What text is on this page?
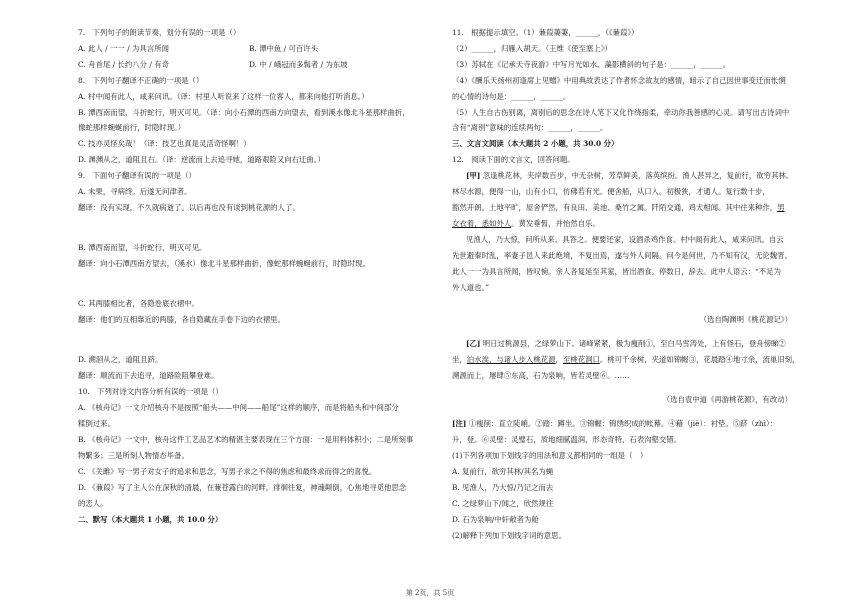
7.　下列句子的朗读节奏，划分有误的一项是（）
A. 此人 / 一一 / 为具言所闻	B. 潭中鱼 / 可百许头
C. 舟首尾 / 长约八分 / 有奇	D. 中 / 峨冠而多髯者 / 为东坡
8.　下列句子翻译不正确的一项是（）
A. 村中闻有此人，咸来问讯。（译：村里人听说来了这样一位客人，都来向他打听消息。）
B. 潭西南而望，斗折蛇行，明灭可见。（译：向小石潭的西南方向望去，看到溪水像北斗星那样曲折，
像蛇那样蜿蜒前行，时隐时现。）
C. 技亦灵怪矣哉！（译：技艺也真是灵活奇怪啊！）
D. 渊渊从之，道阻且右。（译：逆流而上去追寻她，道路艰险又向右迂曲。）
9.　下面句子翻译有误的一项是（）
A. 未果，寻病终。后遂无问津者。
翻译：没有实现，不久就病逝了。以后再也没有谈到桃花源的人了。
B. 潭西南而望，斗折蛇行，明灭可见。
翻译：向小石潭西南方望去，（溪水）像北斗星那样曲折，像蛇那样蜿蜒前行，时隐时现。
C. 其两膝相比者，各隐卷底衣褶中。
翻译：他们的互相靠近的两膝，各自隐藏在手卷下边的衣褶里。
D. 溯洄从之，道阻且跻。
翻译：顺流而下去追寻，道路险阻攀登难。
10.　下列对诗文内容分析有误的一项是（）
A. 《核舟记》一文介绍核舟不是按照“船头——中间——船尾”这样的顺序，而是将船头和中间部分
糅倒过来。
B. 《核舟记》一文中，核舟这件工艺品艺术的精湛主要表现在三个方面：一是用料体积小；二是所刻事
物繁多；三是所刻人物情态毕备。
C. 《关雎》写一男子对女子的追求和思念，写男子求之不得的焦虑和最终求而得之的喜悦。
D. 《蒹葭》写了主人公在深秋的清晨，在蒹苍露白的河畔，徘徊往复，神魂颠倒，心焦地寻觅他思念
的恋人。
二、默写（本大题共 1 小题，共 10.0 分）
11.　根据提示填空。（1）蒹葭萋萋，______，（《蒹葭》）
（2）______，归雁入胡天。（王维《使至塞上》）
（3）苏轼在《记承天寺夜游》中写月光如水、藻影横斜的句子是：______，______。
（4）《酬乐天扬州初逢席上见赠》中用典故表达了作者怀念故友的感情，暗示了自己因世事变迁而怅惘
的心情的诗句是：______，______。
（5）人生自古伤别离，离别后的思念在诗人笔下又化作绕指柔，牵动你我善感的心灵。请写出古诗词中
含有“离别”意味的连续两句：______，______。
三、文言文阅读（本大题共 2 小题，共 30.0 分）
12.　阅读下面的文言文，回答问题。
[甲] 忽逢桃花林，夹岸数百步，中无杂树，芳草鲜美，落英缤纷。渔人甚异之，复前行，欲穷其林。
林尽水源，便得一山，山有小口，仿佛若有光。便舍船，从口入。初极狭，才通人。复行数十步，
豁然开朗。土地平旷，屋舍俨然，有良田、美池、桑竹之属。阡陌交通，鸡犬相闻。其中往来种作，男
女衣着，悉如外人。黄发垂髫，并怡然自乐。
见渔人，乃大惊，问所从来。具答之。便要还家，设酒杀鸡作食。村中闻有此人，咸来问讯。自云
先世避秦时乱，率妻子邑人来此绝境，不复出焉，遂与外人间隔。问今是何世，乃不知有汉，无论魏晋。
此人一一为具言所闻，皆叹惋。余人各复延至其家，皆出酒食。停数日，辞去。此中人语云：“不足为
外人道也。”
（选自陶渊明《桃花源记》）
[乙] 明日过桃源县，之绿萝山下。诸峰紧紧，极为瘦削①，至白马雪涛处，上有怪石，登舟傍睇②
坐，泊水涘，与诸人步入桃花源，至桃花洞口。桃可千余树，夹道如锦幄③，花晨踏④地寸余，流巢旧刻，
溯源而上，屡肆⑤东高，石为泉响，皆若灵壁⑥。……
（选自袁中道《再游桃花源》，有改动）
[注] ①瘦削：直立陡峭。②踏：蹲坐。③锦幄：锦绣织成的帐幕。④藉（jiè）：衬垫。⑤跻（zhì）：
升，登。⑥灵壁：灵璧石，质地细腻温润，形态奇特，石表沟壑交错。
(1)下列各项加下划线字的用法和意义都相同的一组是（　）
A. 复前行，欲穷其林/其名为蝇
B. 见渔人，乃大惊/乃记之而去
C. 之绿萝山下/闻之，欣然规往
D. 石为泉响/中轩敞者为舱
(2)解释下列加下划线字词的意思。
第 2页，共 5页
